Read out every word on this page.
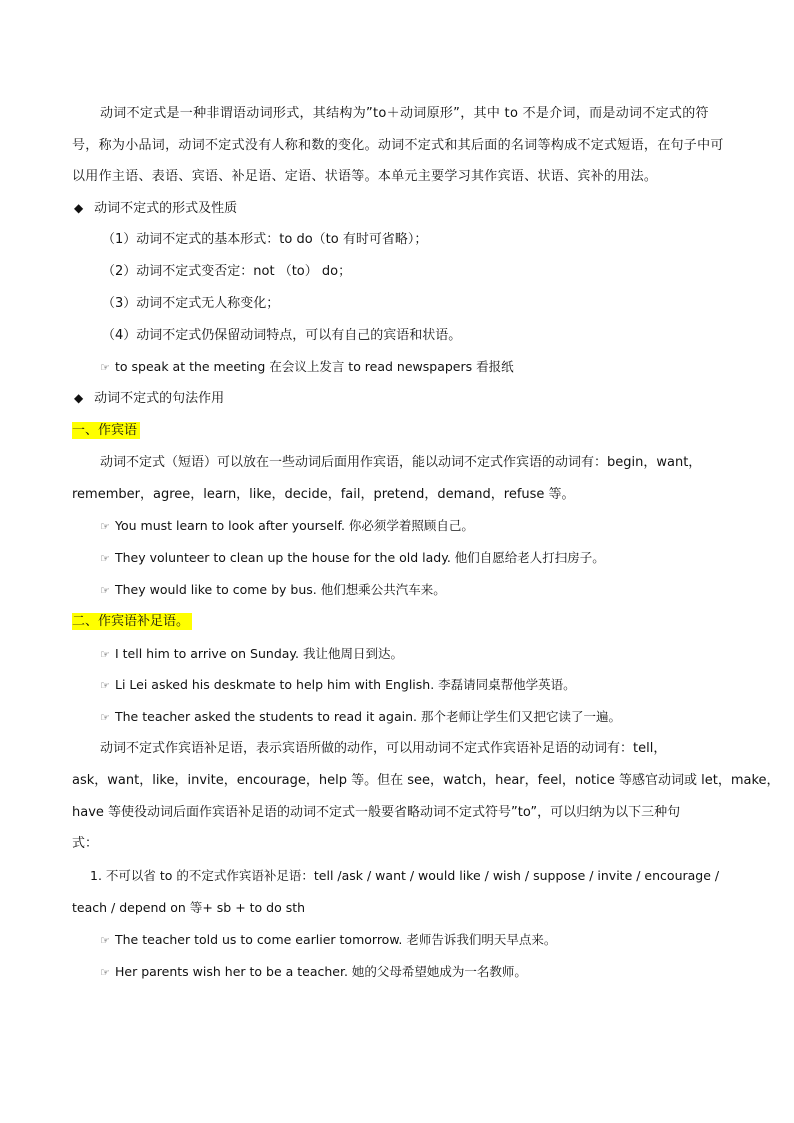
动词不定式是一种非谓语动词形式，其结构为”to＋动词原形”，其中 to 不是介词，而是动词不定式的符号，称为小品词，动词不定式没有人称和数的变化。动词不定式和其后面的名词等构成不定式短语，在句子中可以用作主语、表语、宾语、补足语、定语、状语等。本单元主要学习其作宾语、状语、宾补的用法。

◆ 动词不定式的形式及性质
（1）动词不定式的基本形式：to do（to 有时可省略）；
（2）动词不定式变否定：not （to） do；
（3）动词不定式无人称变化；
（4）动词不定式仍保留动词特点，可以有自己的宾语和状语。
☞ to speak at the meeting 在会议上发言 to read newspapers 看报纸
◆ 动词不定式的句法作用
一、作宾语
动词不定式（短语）可以放在一些动词后面用作宾语，能以动词不定式作宾语的动词有：begin，want，
remember，agree，learn，like，decide，fail，pretend，demand，refuse 等。
☞ You must learn to look after yourself. 你必须学着照顾自己。
☞ They volunteer to clean up the house for the old lady. 他们自愿给老人打扫房子。
☞ They would like to come by bus. 他们想乘公共汽车来。
二、作宾语补足语。
☞ I tell him to arrive on Sunday. 我让他周日到达。
☞ Li Lei asked his deskmate to help him with English. 李磊请同桌帮他学英语。
☞ The teacher asked the students to read it again. 那个老师让学生们又把它读了一遍。
动词不定式作宾语补足语，表示宾语所做的动作，可以用动词不定式作宾语补足语的动词有：tell，
ask，want，like，invite，encourage，help 等。但在 see，watch，hear，feel，notice 等感官动词或 let，make，
have 等使役动词后面作宾语补足语的动词不定式一般要省略动词不定式符号”to”，可以归纳为以下三种句
式：
1. 不可以省 to 的不定式作宾语补足语：tell /ask / want / would like / wish / suppose / invite / encourage /
teach / depend on 等+ sb + to do sth
☞ The teacher told us to come earlier tomorrow. 老师告诉我们明天早点来。
☞ Her parents wish her to be a teacher. 她的父母希望她成为一名教师。
